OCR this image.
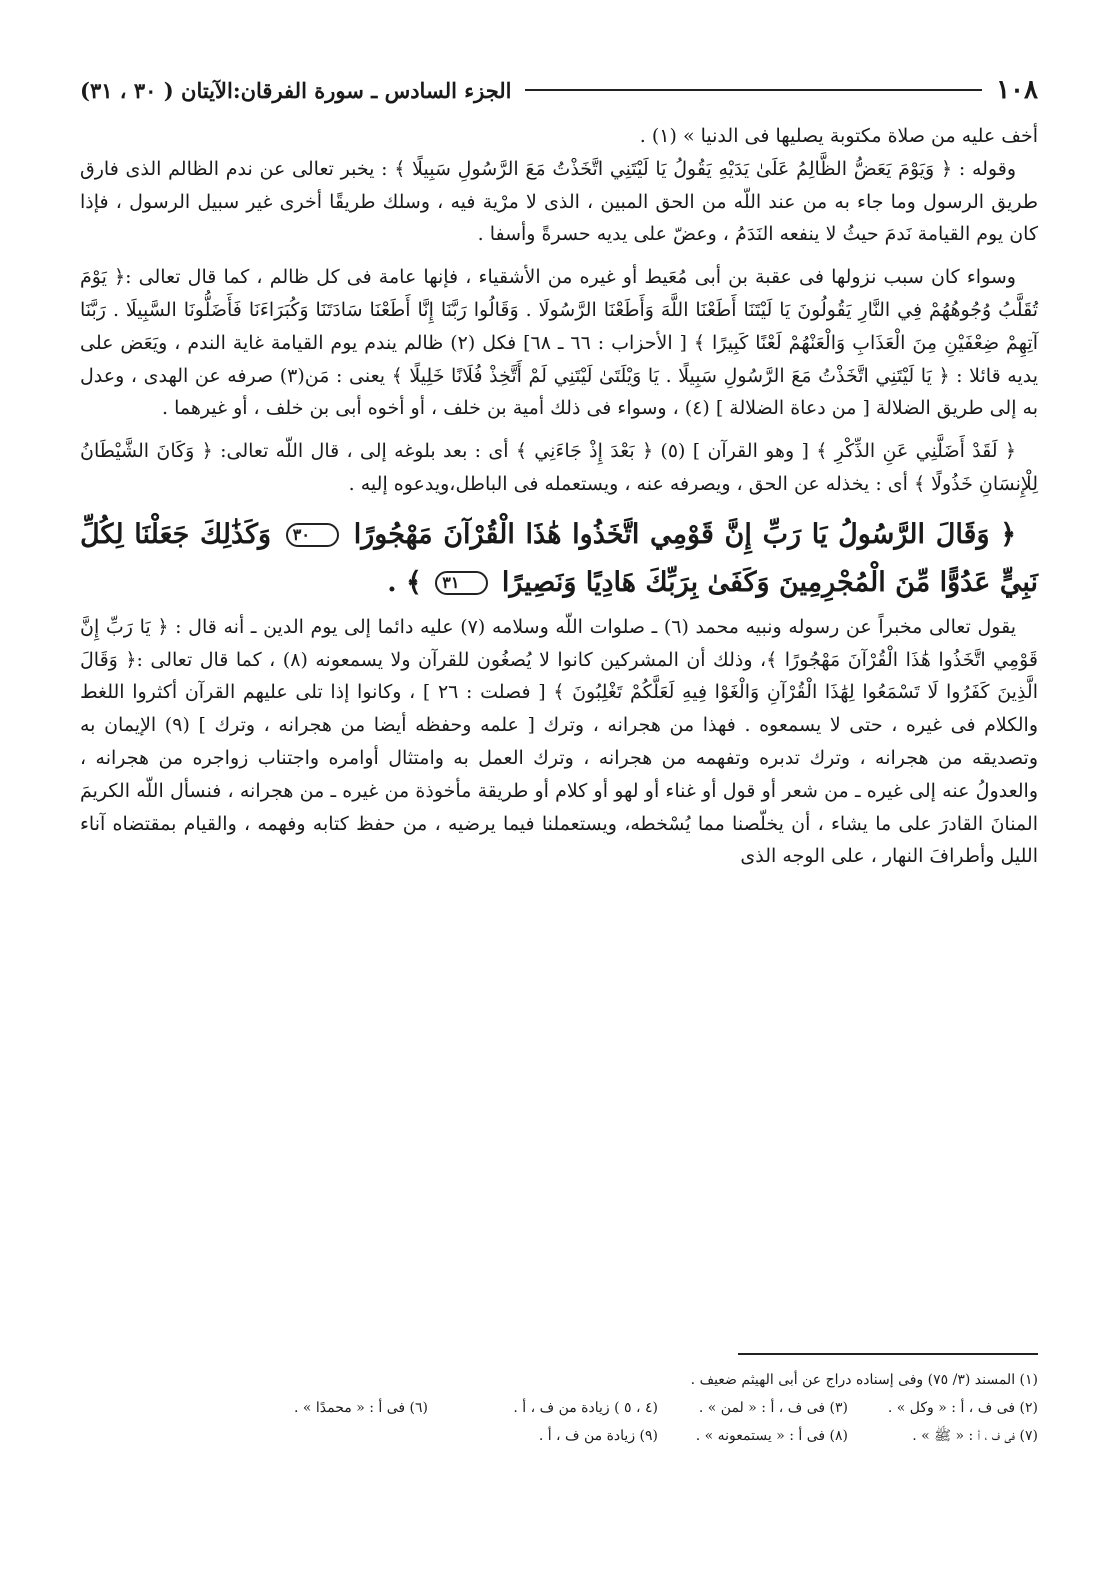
الآيتان ( ٣٠ ، ٣١) الجزء السادس ـ سورة الفرقان:	١٠٨

أخف عليه من صلاة مكتوبة يصليها فى الدنيا » (١) .

وقوله : ﴿ وَيَوْمَ يَعَضُّ الظَّالِمُ عَلَىٰ يَدَيْهِ يَقُولُ يَا لَيْتَنِي اتَّخَذْتُ مَعَ الرَّسُولِ سَبِيلًا ﴾ : يخبر تعالى عن ندم الظالم الذى فارق طريق الرسول وما جاء به من عند اللّه من الحق المبين ، الذى لا مرْية فيه ، وسلك طريقًا أخرى غير سبيل الرسول ، فإذا كان يوم القيامة نَدمَ حيثُ لا ينفعه النَدَمُ ، وعضّ على يديه حسرةً وأسفا .

وسواء كان سبب نزولها فى عقبة بن أبى مُعَيط أو غيره من الأشقياء ، فإنها عامة فى كل ظالم ، كما قال تعالى :﴿ يَوْمَ تُقَلَّبُ وُجُوهُهُمْ فِي النَّارِ يَقُولُونَ يَا لَيْتَنَا أَطَعْنَا اللَّهَ وَأَطَعْنَا الرَّسُولَا . وَقَالُوا رَبَّنَا إِنَّا أَطَعْنَا سَادَتَنَا وَكُبَرَاءَنَا فَأَضَلُّونَا السَّبِيلَا . رَبَّنَا آتِهِمْ ضِعْفَيْنِ مِنَ الْعَذَابِ وَالْعَنْهُمْ لَعْنًا كَبِيرًا ﴾ [ الأحزاب : ٦٦ ـ ٦٨] فكل (٢) ظالم يندم يوم القيامة غاية الندم ، ويَعَض على يديه قائلا : ﴿ يَا لَيْتَنِي اتَّخَذْتُ مَعَ الرَّسُولِ سَبِيلًا . يَا وَيْلَتَىٰ لَيْتَنِي لَمْ أَتَّخِذْ فُلَانًا خَلِيلًا ﴾ يعنى : مَن(٣) صرفه عن الهدى ، وعدل به إلى طريق الضلالة [ من دعاة الضلالة ] (٤) ، وسواء فى ذلك أمية بن خلف ، أو أخوه أبى بن خلف ، أو غيرهما .

﴿ لَقَدْ أَضَلَّنِي عَنِ الذِّكْرِ ﴾ [ وهو القرآن ] (٥) ﴿ بَعْدَ إِذْ جَاءَنِي ﴾ أى : بعد بلوغه إلى ، قال اللّه تعالى: ﴿ وَكَانَ الشَّيْطَانُ لِلْإِنسَانِ خَذُولًا ﴾ أى : يخذله عن الحق ، ويصرفه عنه ، ويستعمله فى الباطل،ويدعوه إليه .

﴿ وَقَالَ الرَّسُولُ يَا رَبِّ إِنَّ قَوْمِي اتَّخَذُوا هَٰذَا الْقُرْآنَ مَهْجُورًا ٣٠ وَكَذَٰلِكَ جَعَلْنَا لِكُلِّ نَبِيٍّ عَدُوًّا مِّنَ الْمُجْرِمِينَ وَكَفَىٰ بِرَبِّكَ هَادِيًا وَنَصِيرًا ٣١ ﴾ .

يقول تعالى مخبراً عن رسوله ونبيه محمد (٦) ـ صلوات اللّه وسلامه (٧) عليه دائما إلى يوم الدين ـ أنه قال : ﴿ يَا رَبِّ إِنَّ قَوْمِي اتَّخَذُوا هَٰذَا الْقُرْآنَ مَهْجُورًا ﴾، وذلك أن المشركين كانوا لا يُصغُون للقرآن ولا يسمعونه (٨) ، كما قال تعالى :﴿ وَقَالَ الَّذِينَ كَفَرُوا لَا تَسْمَعُوا لِهَٰذَا الْقُرْآنِ وَالْغَوْا فِيهِ لَعَلَّكُمْ تَغْلِبُونَ ﴾ [ فصلت : ٢٦ ] ، وكانوا إذا تلى عليهم القرآن أكثروا اللغط والكلام فى غيره ، حتى لا يسمعوه . فهذا من هجرانه ، وترك [ علمه وحفظه أيضا من هجرانه ، وترك ] (٩) الإيمان به وتصديقه من هجرانه ، وترك تدبره وتفهمه من هجرانه ، وترك العمل به وامتثال أوامره واجتناب زواجره من هجرانه ، والعدولُ عنه إلى غيره ـ من شعر أو قول أو غناء أو لهو أو كلام أو طريقة مأخوذة من غيره ـ من هجرانه ، فنسأل اللّه الكريمَ المنانَ القادرَ على ما يشاء ، أن يخلّصنا مما يُسْخطه، ويستعملنا فيما يرضيه ، من حفظ كتابه وفهمه ، والقيام بمقتضاه آناء الليل وأطرافَ النهار ، على الوجه الذى

(١) المسند (٣/ ٧٥) وفى إسناده دراج عن أبى الهيثم ضعيف .
(٢) فى ف ، أ : « وكل » .
(٣) فى ف ، أ : « لمن » .
(٤ ، ٥ ) زيادة من ف ، أ .
(٦) فى أ : « محمدًا » .
(٧) فى ف ، أ : « ﷺ » .
(٨) فى أ : « يستمعونه » .
(٩) زيادة من ف ، أ .
